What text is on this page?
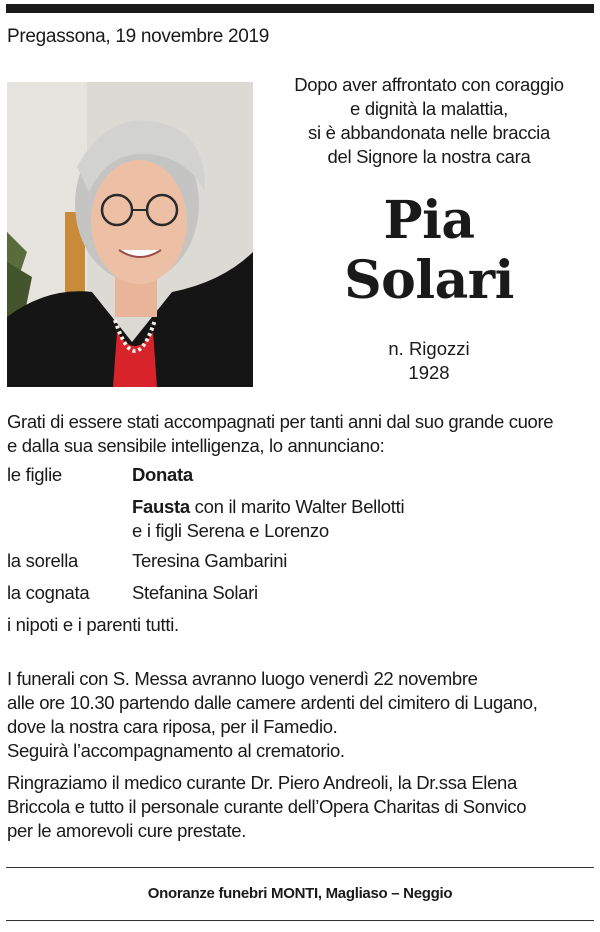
Pregassona, 19 novembre 2019
Dopo aver affrontato con coraggio
e dignità la malattia,
si è abbandonata nelle braccia
del Signore la nostra cara
Pia
Solari
n. Rigozzi
1928
Grati di essere stati accompagnati per tanti anni dal suo grande cuore
e dalla sua sensibile intelligenza, lo annunciano:
le figlie	Donata
Fausta con il marito Walter Bellotti
e i figli Serena e Lorenzo
la sorella	Teresina Gambarini
la cognata Stefanina Solari
i nipoti e i parenti tutti.
I funerali con S. Messa avranno luogo venerdì 22 novembre
alle ore 10.30 partendo dalle camere ardenti del cimitero di Lugano,
dove la nostra cara riposa, per il Famedio.
Seguirà l’accompagnamento al crematorio.
Ringraziamo il medico curante Dr. Piero Andreoli, la Dr.ssa Elena
Briccola e tutto il personale curante dell’Opera Charitas di Sonvico
per le amorevoli cure prestate.
Onoranze funebri MONTI, Magliaso – Neggio
